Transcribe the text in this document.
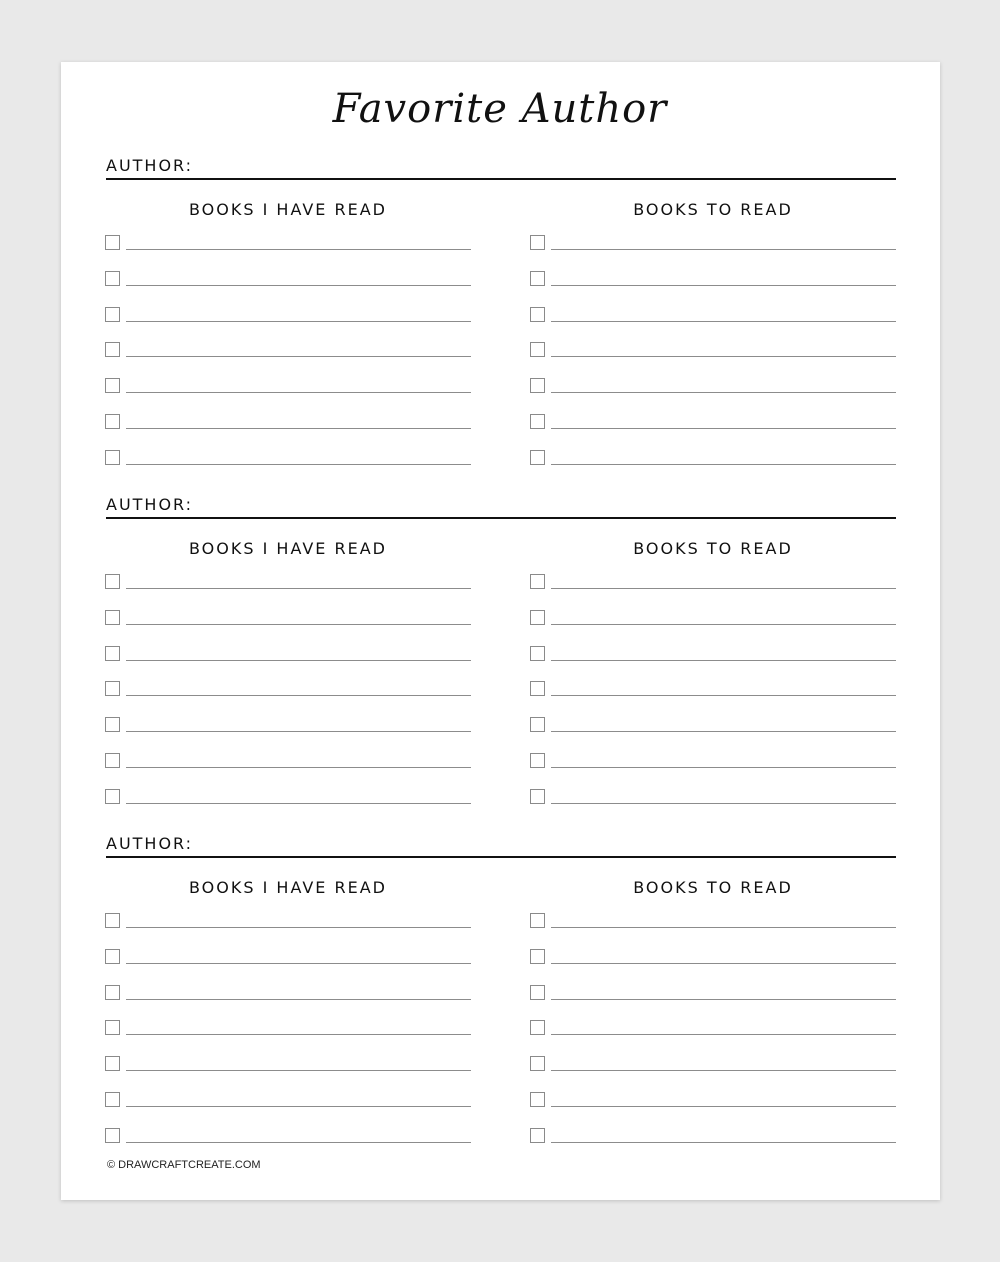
Favorite Author
AUTHOR:
BOOKS I HAVE READ	BOOKS TO READ
AUTHOR:
BOOKS I HAVE READ	BOOKS TO READ
AUTHOR:
BOOKS I HAVE READ	BOOKS TO READ
© DRAWCRAFTCREATE.COM
